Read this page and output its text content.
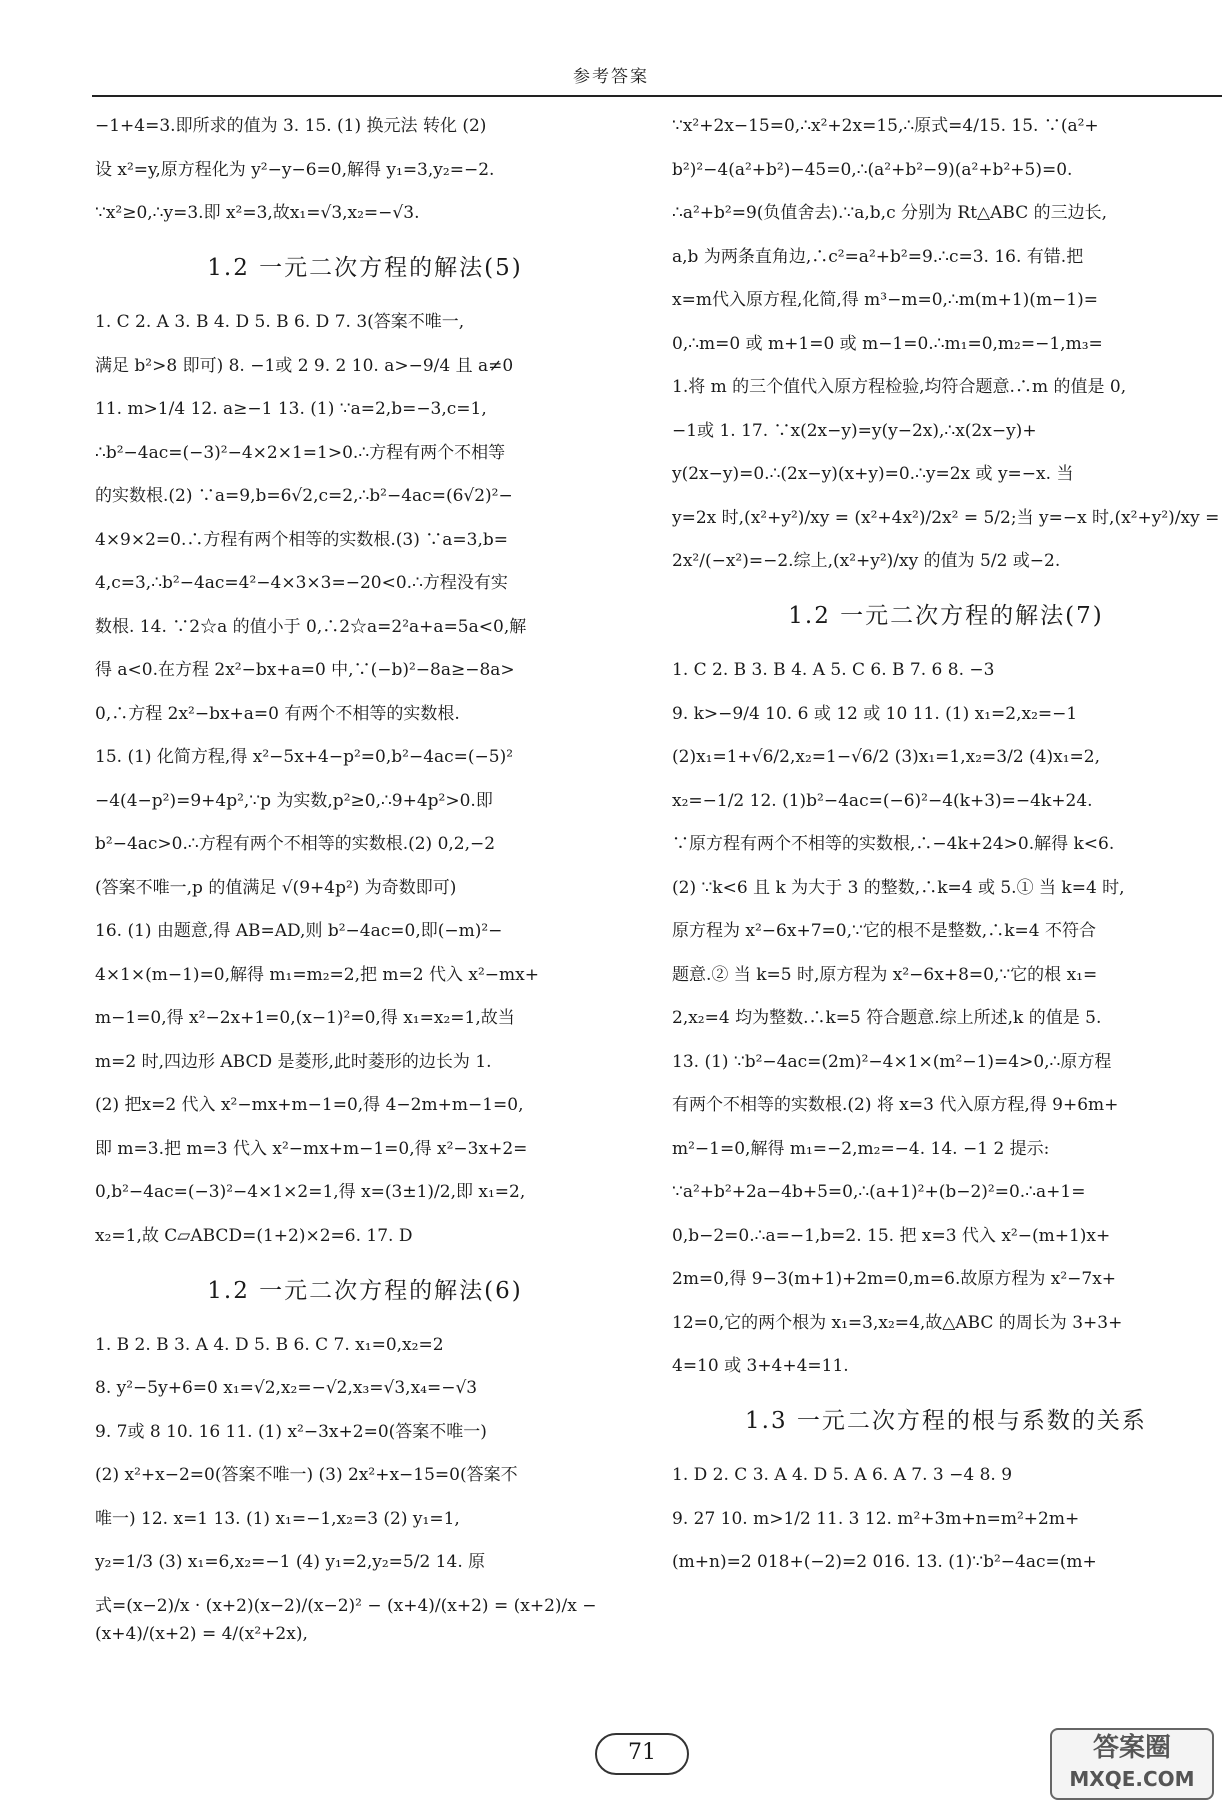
参考答案
−1+4=3.即所求的值为 3. 15. (1) 换元法 转化 (2)
设 x²=y,原方程化为 y²−y−6=0,解得 y₁=3,y₂=−2.
∵x²≥0,∴y=3.即 x²=3,故x₁=√3,x₂=−√3.
1.2 一元二次方程的解法(5)
1. C 2. A 3. B 4. D 5. B 6. D 7. 3(答案不唯一,
满足 b²>8 即可) 8. −1或 2 9. 2 10. a>−9/4 且 a≠0
11. m>1/4 12. a≥−1 13. (1) ∵a=2,b=−3,c=1,
∴b²−4ac=(−3)²−4×2×1=1>0.∴方程有两个不相等
的实数根.(2) ∵a=9,b=6√2,c=2,∴b²−4ac=(6√2)²−
4×9×2=0.∴方程有两个相等的实数根.(3) ∵a=3,b=
4,c=3,∴b²−4ac=4²−4×3×3=−20<0.∴方程没有实
数根. 14. ∵2☆a 的值小于 0,∴2☆a=2²a+a=5a<0,解
得 a<0.在方程 2x²−bx+a=0 中,∵(−b)²−8a≥−8a>
0,∴方程 2x²−bx+a=0 有两个不相等的实数根.
15. (1) 化简方程,得 x²−5x+4−p²=0,b²−4ac=(−5)²
−4(4−p²)=9+4p²,∵p 为实数,p²≥0,∴9+4p²>0.即
b²−4ac>0.∴方程有两个不相等的实数根.(2) 0,2,−2
(答案不唯一,p 的值满足 √(9+4p²) 为奇数即可)
16. (1) 由题意,得 AB=AD,则 b²−4ac=0,即(−m)²−
4×1×(m−1)=0,解得 m₁=m₂=2,把 m=2 代入 x²−mx+
m−1=0,得 x²−2x+1=0,(x−1)²=0,得 x₁=x₂=1,故当
m=2 时,四边形 ABCD 是菱形,此时菱形的边长为 1.
(2) 把x=2 代入 x²−mx+m−1=0,得 4−2m+m−1=0,
即 m=3.把 m=3 代入 x²−mx+m−1=0,得 x²−3x+2=
0,b²−4ac=(−3)²−4×1×2=1,得 x=(3±1)/2,即 x₁=2,
x₂=1,故 C▱ABCD=(1+2)×2=6. 17. D
1.2 一元二次方程的解法(6)
1. B 2. B 3. A 4. D 5. B 6. C 7. x₁=0,x₂=2
8. y²−5y+6=0 x₁=√2,x₂=−√2,x₃=√3,x₄=−√3
9. 7或 8 10. 16 11. (1) x²−3x+2=0(答案不唯一)
(2) x²+x−2=0(答案不唯一) (3) 2x²+x−15=0(答案不
唯一) 12. x=1 13. (1) x₁=−1,x₂=3 (2) y₁=1,
y₂=1/3 (3) x₁=6,x₂=−1 (4) y₁=2,y₂=5/2 14. 原
式=(x−2)/x · (x+2)(x−2)/(x−2)² − (x+4)/(x+2) = (x+2)/x − (x+4)/(x+2) = 4/(x²+2x),
∵x²+2x−15=0,∴x²+2x=15,∴原式=4/15. 15. ∵(a²+
b²)²−4(a²+b²)−45=0,∴(a²+b²−9)(a²+b²+5)=0.
∴a²+b²=9(负值舍去).∵a,b,c 分别为 Rt△ABC 的三边长,
a,b 为两条直角边,∴c²=a²+b²=9.∴c=3. 16. 有错.把
x=m代入原方程,化简,得 m³−m=0,∴m(m+1)(m−1)=
0,∴m=0 或 m+1=0 或 m−1=0.∴m₁=0,m₂=−1,m₃=
1.将 m 的三个值代入原方程检验,均符合题意.∴m 的值是 0,
−1或 1. 17. ∵x(2x−y)=y(y−2x),∴x(2x−y)+
y(2x−y)=0.∴(2x−y)(x+y)=0.∴y=2x 或 y=−x. 当
y=2x 时,(x²+y²)/xy = (x²+4x²)/2x² = 5/2;当 y=−x 时,(x²+y²)/xy =
2x²/(−x²)=−2.综上,(x²+y²)/xy 的值为 5/2 或−2.
1.2 一元二次方程的解法(7)
1. C 2. B 3. B 4. A 5. C 6. B 7. 6 8. −3
9. k>−9/4 10. 6 或 12 或 10 11. (1) x₁=2,x₂=−1
(2)x₁=1+√6/2,x₂=1−√6/2 (3)x₁=1,x₂=3/2 (4)x₁=2,
x₂=−1/2 12. (1)b²−4ac=(−6)²−4(k+3)=−4k+24.
∵原方程有两个不相等的实数根,∴−4k+24>0.解得 k<6.
(2) ∵k<6 且 k 为大于 3 的整数,∴k=4 或 5.① 当 k=4 时,
原方程为 x²−6x+7=0,∵它的根不是整数,∴k=4 不符合
题意.② 当 k=5 时,原方程为 x²−6x+8=0,∵它的根 x₁=
2,x₂=4 均为整数.∴k=5 符合题意.综上所述,k 的值是 5.
13. (1) ∵b²−4ac=(2m)²−4×1×(m²−1)=4>0,∴原方程
有两个不相等的实数根.(2) 将 x=3 代入原方程,得 9+6m+
m²−1=0,解得 m₁=−2,m₂=−4. 14. −1 2 提示:
∵a²+b²+2a−4b+5=0,∴(a+1)²+(b−2)²=0.∴a+1=
0,b−2=0.∴a=−1,b=2. 15. 把 x=3 代入 x²−(m+1)x+
2m=0,得 9−3(m+1)+2m=0,m=6.故原方程为 x²−7x+
12=0,它的两个根为 x₁=3,x₂=4,故△ABC 的周长为 3+3+
4=10 或 3+4+4=11.
1.3 一元二次方程的根与系数的关系
1. D 2. C 3. A 4. D 5. A 6. A 7. 3 −4 8. 9
9. 27 10. m>1/2 11. 3 12. m²+3m+n=m²+2m+
(m+n)=2 018+(−2)=2 016. 13. (1)∵b²−4ac=(m+
71	答案圈
MXQE.COM
